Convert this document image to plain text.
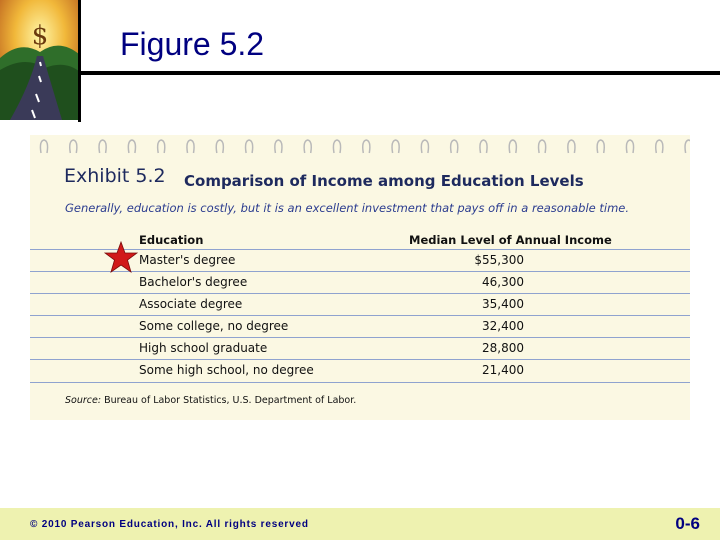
$ Figure 5.2
Exhibit 5.2 Comparison of Income among Education Levels
Generally, education is costly, but it is an excellent investment that pays off in a reasonable time.
Education	Median Level of Annual Income
Master's degree	$55,300
Bachelor's degree	46,300
Associate degree	35,400
Some college, no degree	32,400
High school graduate	28,800
Some high school, no degree	21,400
Source: Bureau of Labor Statistics, U.S. Department of Labor.
© 2010 Pearson Education, Inc. All rights reserved	0-6
